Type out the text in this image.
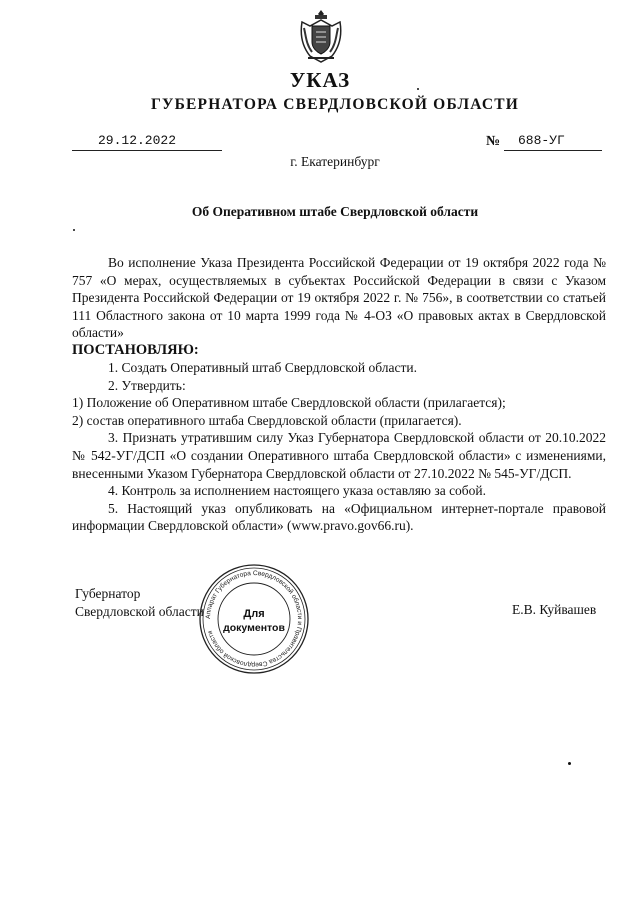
УКАЗ
ГУБЕРНАТОРА СВЕРДЛОВСКОЙ ОБЛАСТИ
29.12.2022	№ 688-УГ
г. Екатеринбург
Об Оперативном штабе Свердловской области

Во исполнение Указа Президента Российской Федерации от 19 октября 2022 года № 757 «О мерах, осуществляемых в субъектах Российской Федерации в связи с Указом Президента Российской Федерации от 19 октября 2022 г. № 756», в соответствии со статьей 111 Областного закона от 10 марта 1999 года № 4-ОЗ «О правовых актах в Свердловской области»

ПОСТАНОВЛЯЮ:

1. Создать Оперативный штаб Свердловской области.

2. Утвердить:

1) Положение об Оперативном штабе Свердловской области (прилагается);

2) состав оперативного штаба Свердловской области (прилагается).

3. Признать утратившим силу Указ Губернатора Свердловской области от 20.10.2022 № 542-УГ/ДСП «О создании Оперативного штаба Свердловской области» с изменениями, внесенными Указом Губернатора Свердловской области от 27.10.2022 № 545-УГ/ДСП.

4. Контроль за исполнением настоящего указа оставляю за собой.

5. Настоящий указ опубликовать на «Официальном интернет-портале правовой информации Свердловской области» (www.pravo.gov66.ru).

Губернатор
Свердловской области	Е.В. Куйвашев
Аппарат Губернатора Свердловской области и Правительства Свердловской области
Для
документов
